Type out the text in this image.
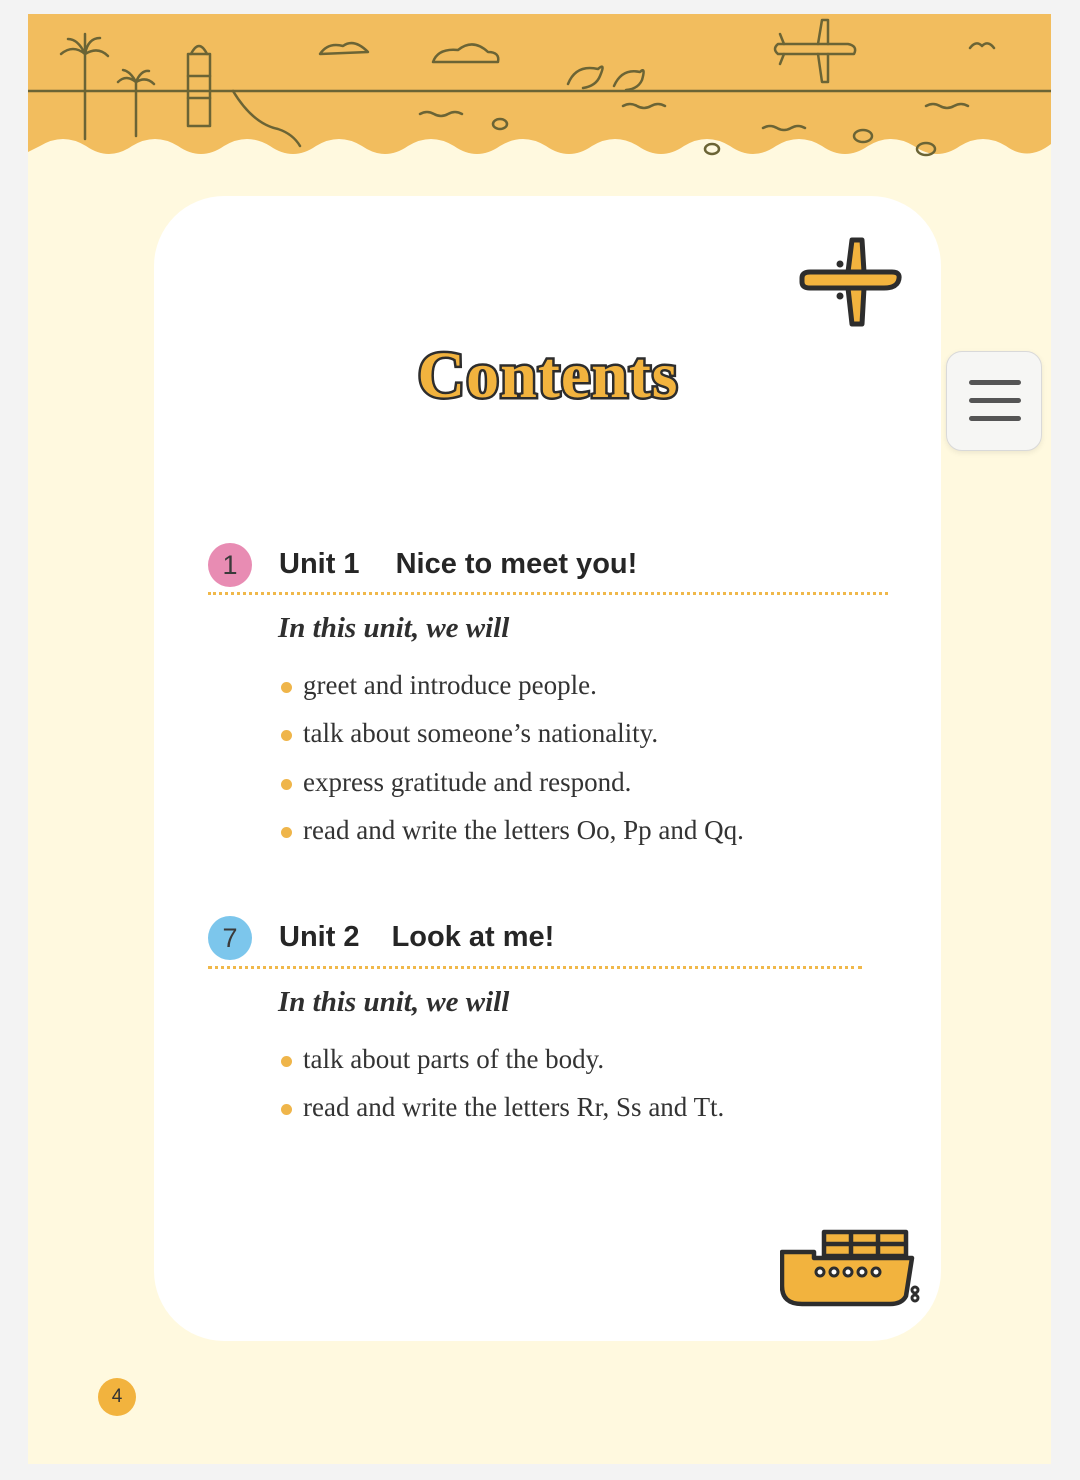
Contents
1	Unit 1 Nice to meet you!
In this unit, we will
greet and introduce people.
talk about someone’s nationality.
express gratitude and respond.
read and write the letters Oo, Pp and Qq.
7	Unit 2 Look at me!
In this unit, we will
talk about parts of the body.
read and write the letters Rr, Ss and Tt.
4
